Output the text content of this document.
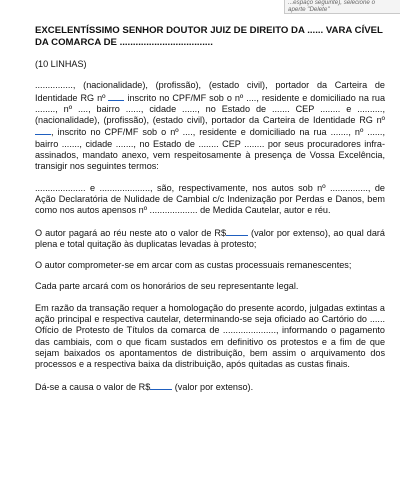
...espaço seguinte), selecione o
aperte "Delete"
EXCELENTÍSSIMO SENHOR DOUTOR JUIZ DE DIREITO DA ...... VARA CÍVEL
DA COMARCA DE ...................................
(10 LINHAS)
..............., (nacionalidade), (profissão), (estado civil), portador da Carteira de Identidade RG nº  inscrito no CPF/MF sob o nº ...., residente e domiciliado na rua ........, nº ...., bairro ......, cidade ......, no Estado de ....... CEP ........ e .........., (nacionalidade), (profissão), (estado civil), portador da Carteira de Identidade RG nº , inscrito no CPF/MF sob o nº ...., residente e domiciliado na rua ......., nº ......, bairro ......., cidade ......., no Estado de ........ CEP ........ por seus procuradores infra-assinados, mandato anexo, vem respeitosamente à presença de Vossa Excelência, transigir nos seguintes termos:
.................... e ...................., são, respectivamente, nos autos sob nº ..............., de Ação Declaratória de Nulidade de Cambial c/c Indenização por Perdas e Danos, bem como nos autos apensos nº ................... de Medida Cautelar, autor e réu.
O autor pagará ao réu neste ato o valor de R$ (valor por extenso), ao qual dará plena e total quitação às duplicatas levadas à protesto;
O autor comprometer-se em arcar com as custas processuais remanescentes;
Cada parte arcará com os honorários de seu representante legal.
Em razão da transação requer a homologação do presente acordo, julgadas extintas a ação principal e respectiva cautelar, determinando-se seja oficiado ao Cartório do ...... Ofício de Protesto de Títulos da comarca de ....................., informando o pagamento das cambiais, com o que ficam sustados em definitivo os protestos e a fim de que sejam baixados os apontamentos de distribuição, bem assim o arquivamento dos processos e a respectiva baixa da distribuição, após quitadas as custas finais.
Dá-se a causa o valor de R$ (valor por extenso).
